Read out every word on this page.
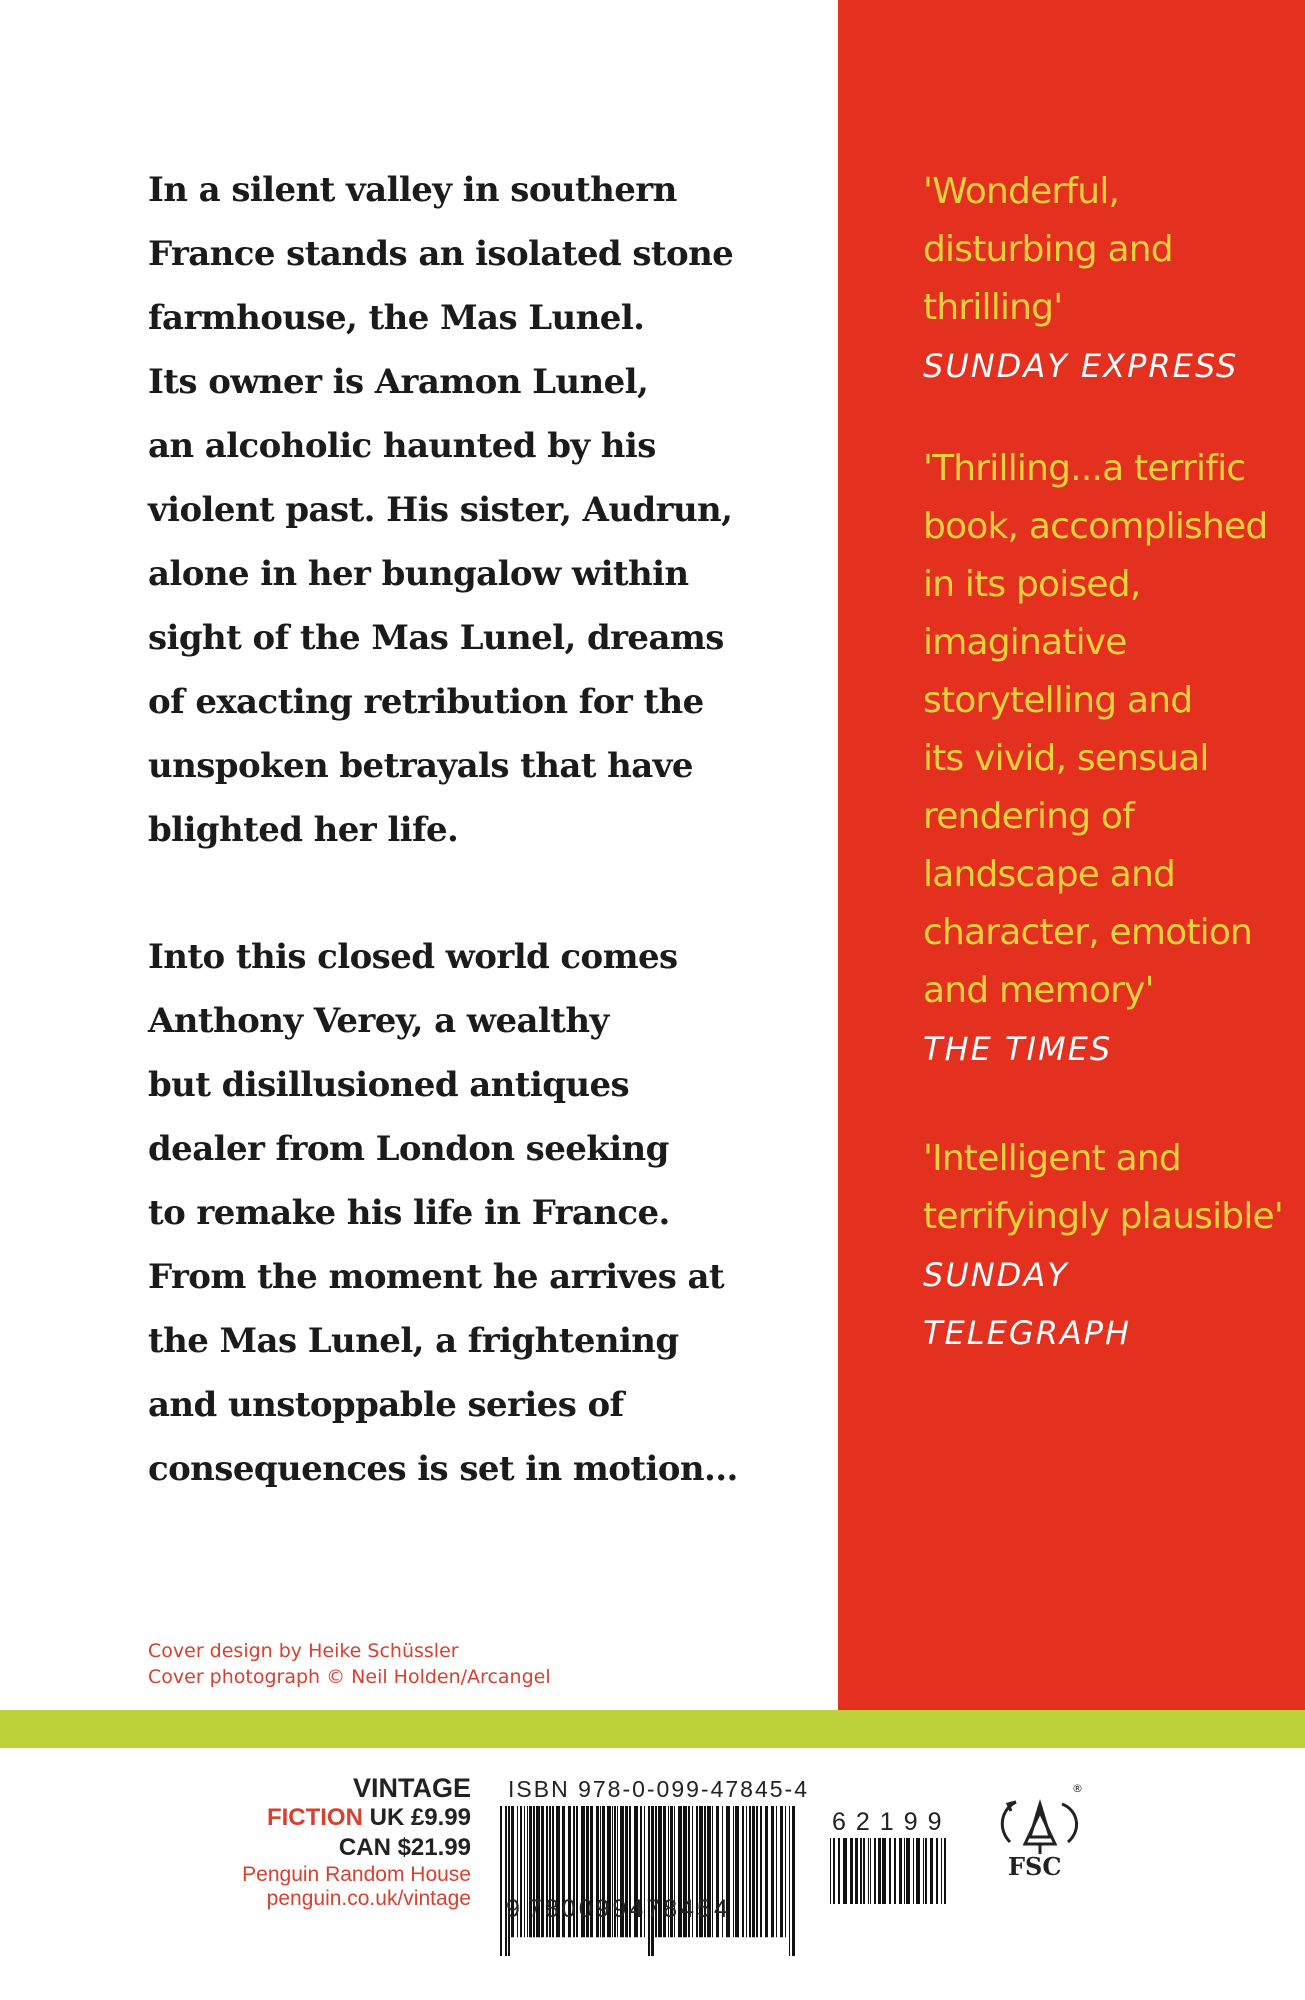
In a silent valley in southern
France stands an isolated stone
farmhouse, the Mas Lunel.
Its owner is Aramon Lunel,
an alcoholic haunted by his
violent past. His sister, Audrun,
alone in her bungalow within
sight of the Mas Lunel, dreams
of exacting retribution for the
unspoken betrayals that have
blighted her life.

Into this closed world comes
Anthony Verey, a wealthy
but disillusioned antiques
dealer from London seeking
to remake his life in France.
From the moment he arrives at
the Mas Lunel, a frightening
and unstoppable series of
consequences is set in motion...

Cover design by Heike Schüssler
Cover photograph © Neil Holden/Arcangel
'Wonderful,
disturbing and
thrilling'
SUNDAY EXPRESS
'Thrilling...a terrific
book, accomplished
in its poised,
imaginative
storytelling and
its vivid, sensual
rendering of
landscape and
character, emotion
and memory'
THE TIMES
'Intelligent and
terrifyingly plausible'
SUNDAY
TELEGRAPH
VINTAGE
FICTION UK £9.99
CAN $21.99
Penguin Random House
penguin.co.uk/vintage
ISBN 978-0-099-47845-4
9 780099478454
62199
®
FSC
